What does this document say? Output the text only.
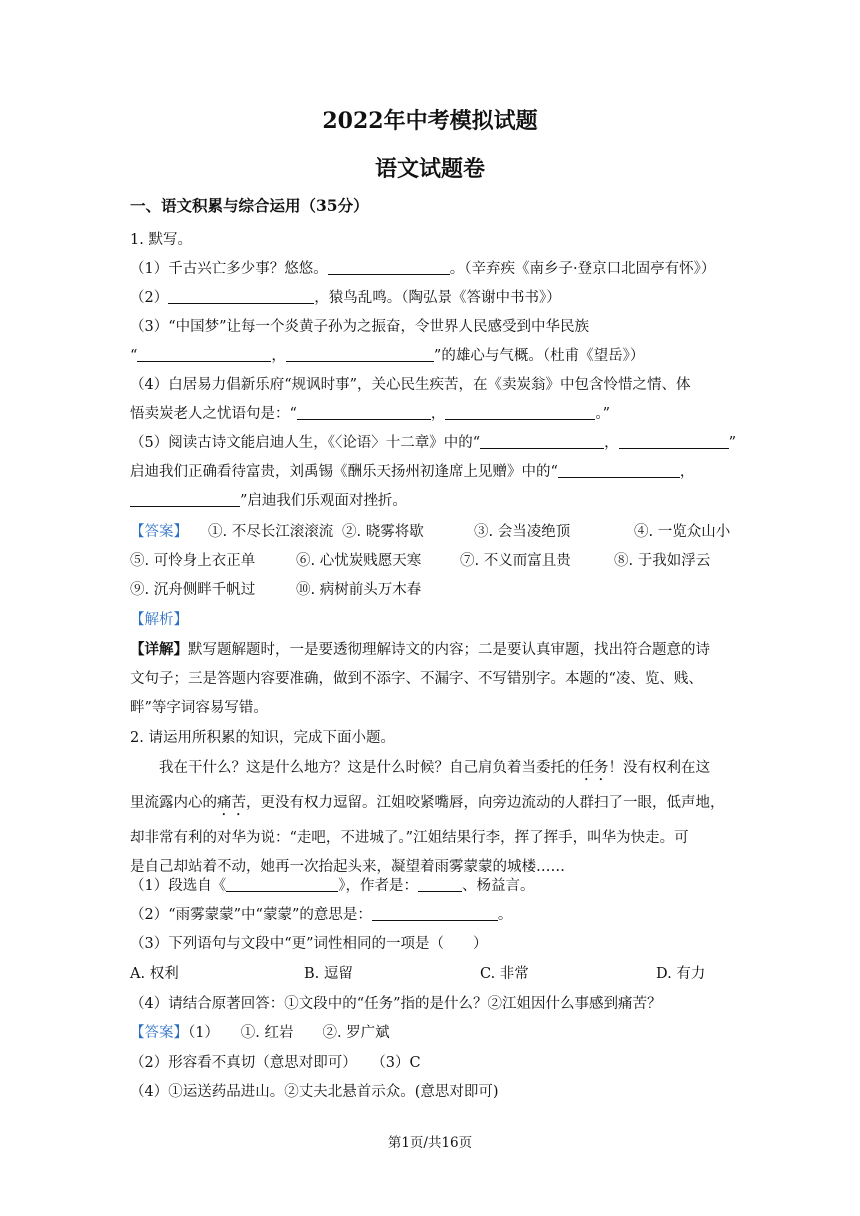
2022年中考模拟试题
语文试题卷
一、语文积累与综合运用（35分）
1. 默写。
（1）千古兴亡多少事？悠悠。	。（辛弃疾《南乡子·登京口北固亭有怀》）
（2）	，猿鸟乱鸣。（陶弘景《答谢中书书》）
（3）“中国梦”让每一个炎黄子孙为之振奋，令世界人民感受到中华民族
“	，	”的雄心与气概。（杜甫《望岳》）
（4）白居易力倡新乐府“规讽时事”，关心民生疾苦，在《卖炭翁》中包含怜惜之情、体
悟卖炭老人之忧语句是：“	，	。”
（5）阅读古诗文能启迪人生，《〈论语〉十二章》中的“	，	”
启迪我们正确看待富贵，刘禹锡《酬乐天扬州初逢席上见赠》中的“	，
”启迪我们乐观面对挫折。
【答案】	①. 不尽长江滚滚流 ②. 晓雾将歇	③. 会当凌绝顶	④. 一览众山小
⑤. 可怜身上衣正单	⑥. 心忧炭贱愿天寒	⑦. 不义而富且贵	⑧. 于我如浮云
⑨. 沉舟侧畔千帆过	⑩. 病树前头万木春
【解析】
【详解】默写题解题时，一是要透彻理解诗文的内容；二是要认真审题，找出符合题意的诗
文句子；三是答题内容要准确，做到不添字、不漏字、不写错别字。本题的“凌、览、贱、
畔”等字词容易写错。
2. 请运用所积累的知识，完成下面小题。

我在干什么？这是什么地方？这是什么时候？自己肩负着当委托的任务！没有权利在这

里流露内心的痛苦，更没有权力逗留。江姐咬紧嘴唇，向旁边流动的人群扫了一眼，低声地，

却非常有利的对华为说：“走吧，不进城了。”江姐结果行李，挥了挥手，叫华为快走。可

是自己却站着不动，她再一次抬起头来，凝望着雨雾蒙蒙的城楼……

（1）段选自《	》，作者是：	、杨益言。
（2）“雨雾蒙蒙”中“蒙蒙”的意思是：	。
（3）下列语句与文段中“更”词性相同的一项是（　　）
A. 权利	B. 逗留	C. 非常	D. 有力
（4）请结合原著回答：①文段中的“任务”指的是什么？②江姐因什么事感到痛苦？
【答案】（1）　　①. 红岩　　②. 罗广斌
（2）形容看不真切（意思对即可）　　（3）C
（4）①运送药品进山。②丈夫北悬首示众。(意思对即可)
第1页/共16页
